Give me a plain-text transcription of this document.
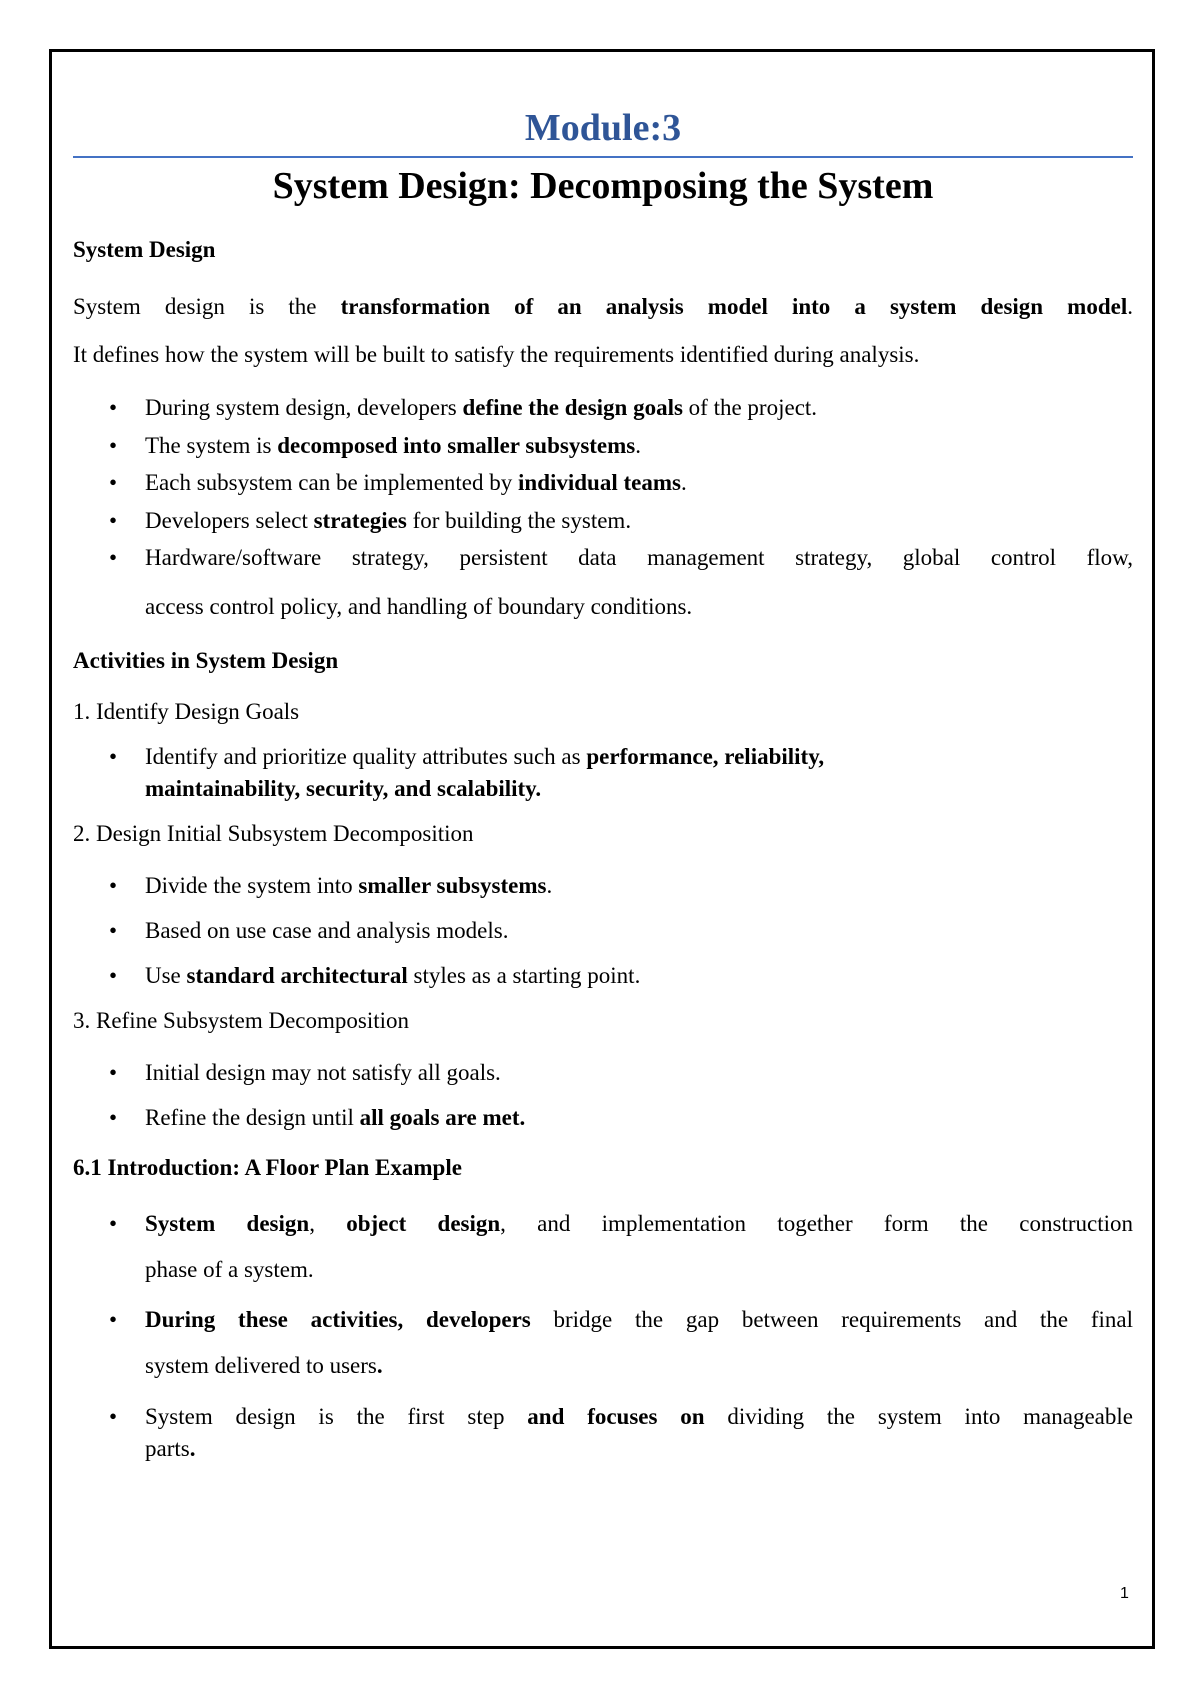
Module:3
System Design: Decomposing the System
System Design
System design is the transformation of an analysis model into a system design model.
It defines how the system will be built to satisfy the requirements identified during analysis.
• During system design, developers define the design goals of the project.
• The system is decomposed into smaller subsystems.
• Each subsystem can be implemented by individual teams.
• Developers select strategies for building the system.
• Hardware/software strategy, persistent data management strategy, global control flow,
access control policy, and handling of boundary conditions.
Activities in System Design
1. Identify Design Goals
• Identify and prioritize quality attributes such as performance, reliability,
maintainability, security, and scalability.
2. Design Initial Subsystem Decomposition
• Divide the system into smaller subsystems.
• Based on use case and analysis models.
• Use standard architectural styles as a starting point.
3. Refine Subsystem Decomposition
• Initial design may not satisfy all goals.
• Refine the design until all goals are met.
6.1 Introduction: A Floor Plan Example
• System design, object design, and implementation together form the construction
phase of a system.
• During these activities, developers bridge the gap between requirements and the final
system delivered to users.
• System design is the first step and focuses on dividing the system into manageable
parts.
1
